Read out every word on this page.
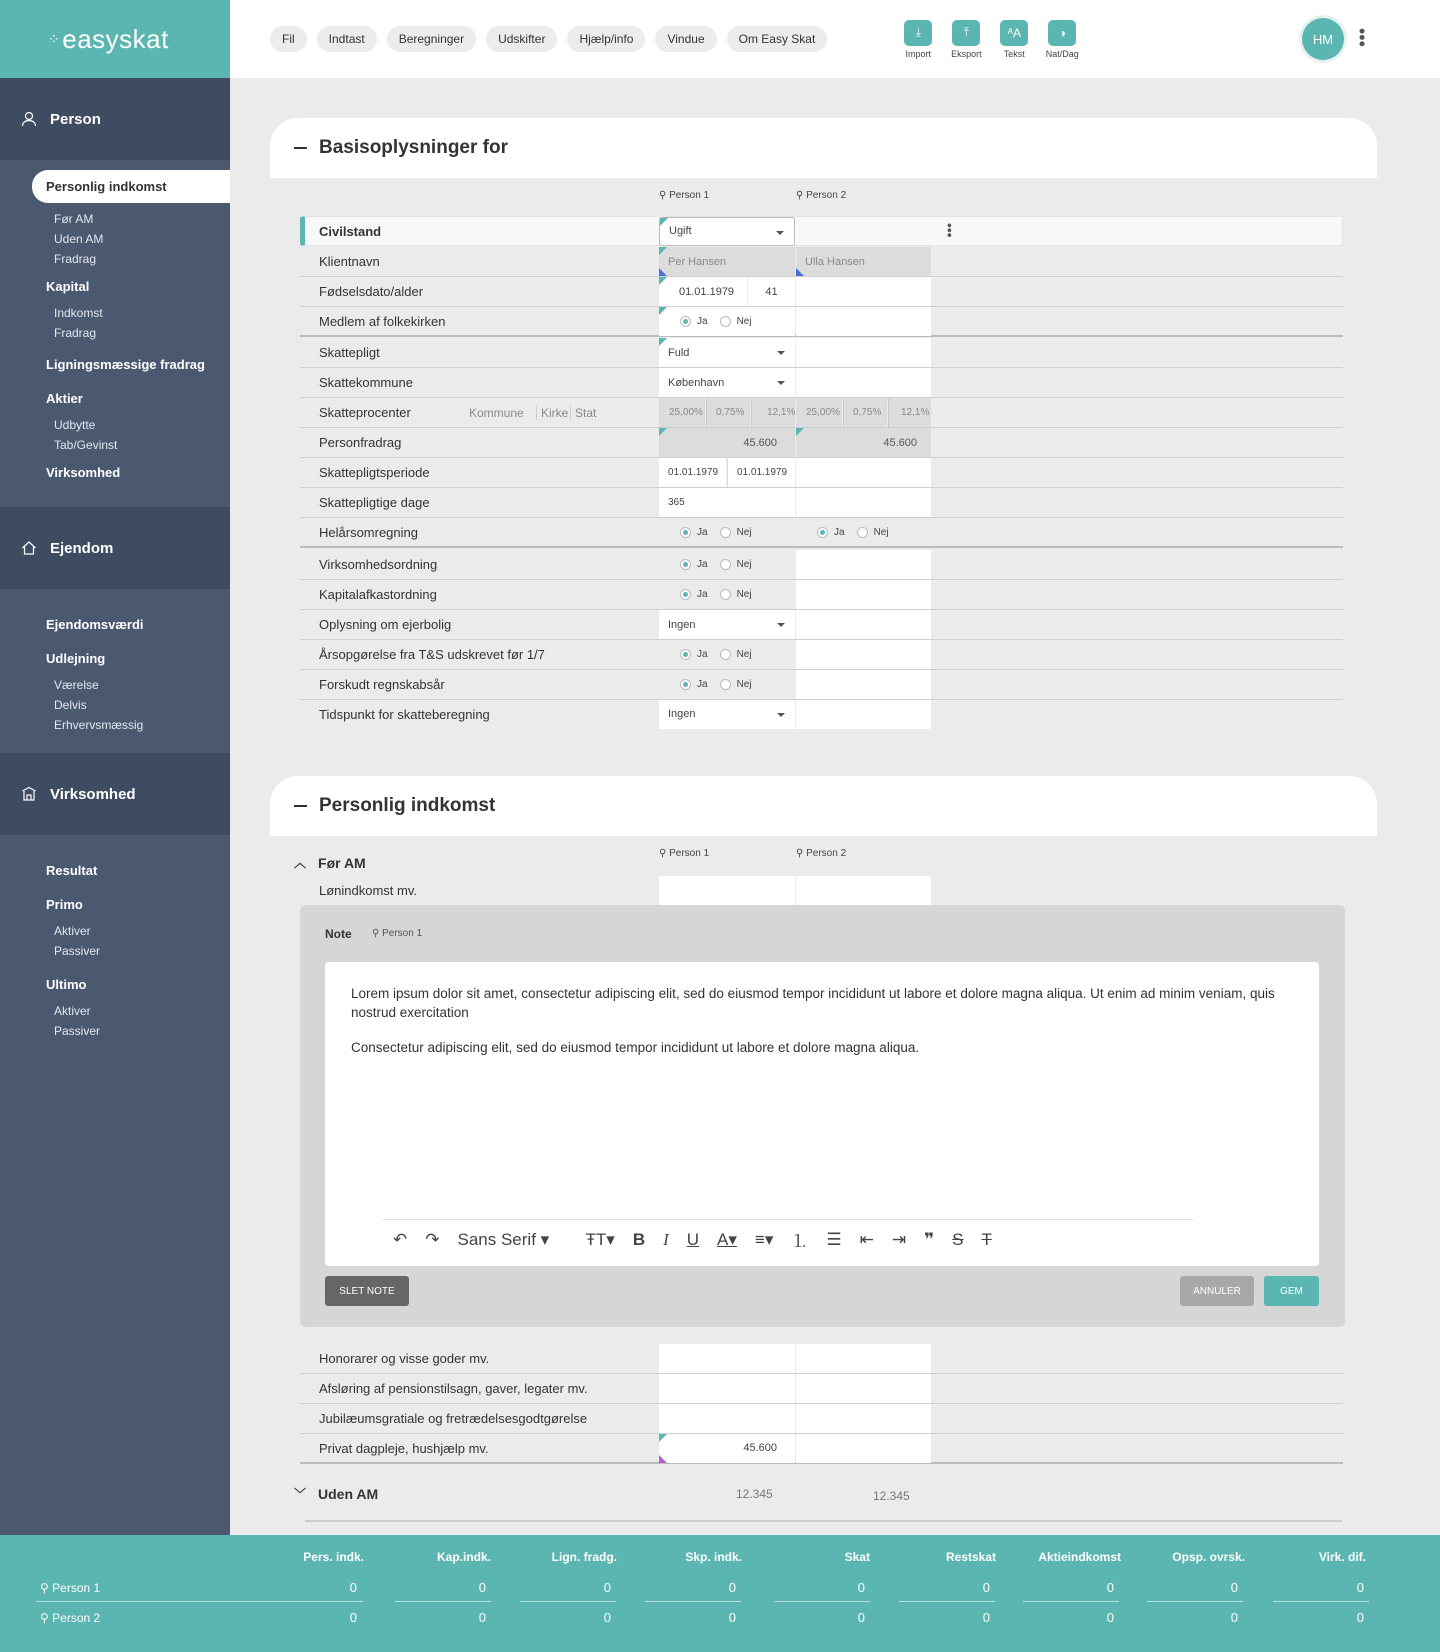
⁘ easyskat
Person
Personlig indkomst
Før AM
Uden AM
Fradrag
Kapital
Indkomst
Fradrag
Ligningsmæssige fradrag
Aktier
Udbytte
Tab/Gevinst
Virksomhed
Ejendom
Ejendomsværdi
Udlejning
Værelse
Delvis
Erhvervsmæssig
Virksomhed
Resultat
Primo
Aktiver
Passiver
Ultimo
Aktiver
Passiver
Fil	Indtast	Beregninger	Udskifter	Hjælp/info	Vindue	Om Easy Skat	⤓
Import
⤒
Eksport
ᴬA
Tekst
◑
Nat/Dag
HM	•••
Basisoplysninger for
⚲ Person 1	⚲ Person 2
Civilstand	Ugift	•••
Klientnavn	Per Hansen	Ulla Hansen
Fødselsdato/alder	01.01.1979	41
Medlem af folkekirken	Ja	Nej
Skattepligt	Fuld
Skattekommune	København
Skatteprocenter	Kommune	Kirke Stat	25,00%	0,75%	12,1%	25,00%	0,75%	12,1%
Personfradrag	45.600	45.600
Skattepligtsperiode	01.01.1979	01.01.1979
Skattepligtige dage	365
Helårsomregning	Ja	Nej	Ja	Nej
Virksomhedsordning	Ja	Nej
Kapitalafkastordning	Ja	Nej
Oplysning om ejerbolig	Ingen
Årsopgørelse fra T&S udskrevet før 1/7	Ja	Nej
Forskudt regnskabsår	Ja	Nej
Tidspunkt for skatteberegning	Ingen
Personlig indkomst
︿ Før AM
⚲ Person 1	⚲ Person 2
Lønindkomst mv.
Honorarer og visse goder mv.
Afsløring af pensionstilsagn, gaver, legater mv.
Jubilæumsgratiale og fretrædelsesgodtgørelse
Privat dagpleje, hushjælp mv.	45.600
﹀ Uden AM	12.345	12.345
Note ⚲ Person 1

Lorem ipsum dolor sit amet, consectetur adipiscing elit, sed do eiusmod tempor incididunt ut labore et dolore magna aliqua. Ut enim ad minim veniam, quis nostrud exercitation

Consectetur adipiscing elit, sed do eiusmod tempor incididunt ut labore et dolore magna aliqua.

↶ ↷ Sans Serif ▾	ŦT▾ B I U A▾ ≡▾ ⒈ ☰ ⇤ ⇥ ❞ S T
SLET NOTE	ANNULER	GEM
Pers. indk.	Kap.indk.	Lign. fradg.	Skp. indk.	Skat	Restskat	Aktieindkomst	Opsp. ovrsk.	Virk. dif.
⚲ Person 1
⚲ Person 2
0	0	0	0	0	0	0	0	0
0	0	0	0	0	0	0	0	0
